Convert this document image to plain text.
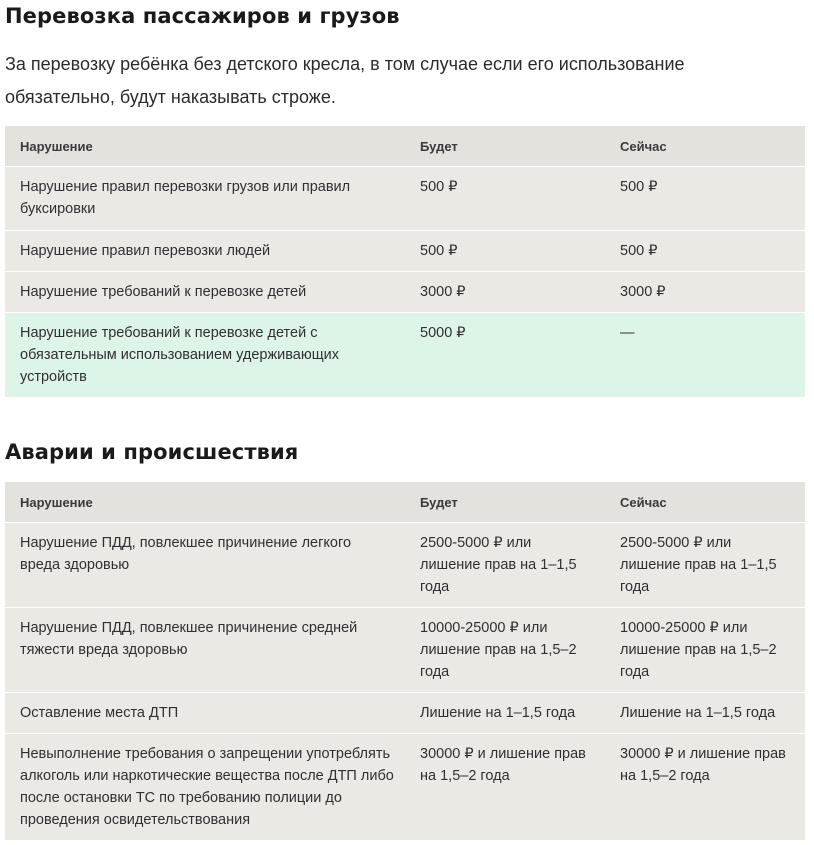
Перевозка пассажиров и грузов

За перевозку ребёнка без детского кресла, в том случае если его использование обязательно, будут наказывать строже.

Нарушение	Будет	Сейчас
Нарушение правил перевозки грузов или правил буксировки	500 ₽	500 ₽
Нарушение правил перевозки людей	500 ₽	500 ₽
Нарушение требований к перевозке детей	3000 ₽	3000 ₽
Нарушение требований к перевозке детей с обязательным использованием удерживающих устройств	5000 ₽	—
Аварии и происшествия
Нарушение	Будет	Сейчас
Нарушение ПДД, повлекшее причинение легкого вреда здоровью	2500-5000 ₽ или лишение прав на 1–1,5 года	2500-5000 ₽ или лишение прав на 1–1,5 года
Нарушение ПДД, повлекшее причинение средней тяжести вреда здоровью	10000-25000 ₽ или лишение прав на 1,5–2 года	10000-25000 ₽ или лишение прав на 1,5–2 года
Оставление места ДТП	Лишение на 1–1,5 года	Лишение на 1–1,5 года
Невыполнение требования о запрещении употреблять алкоголь или наркотические вещества после ДТП либо после остановки ТС по требованию полиции до проведения освидетельствования	30000 ₽ и лишение прав на 1,5–2 года	30000 ₽ и лишение прав на 1,5–2 года
